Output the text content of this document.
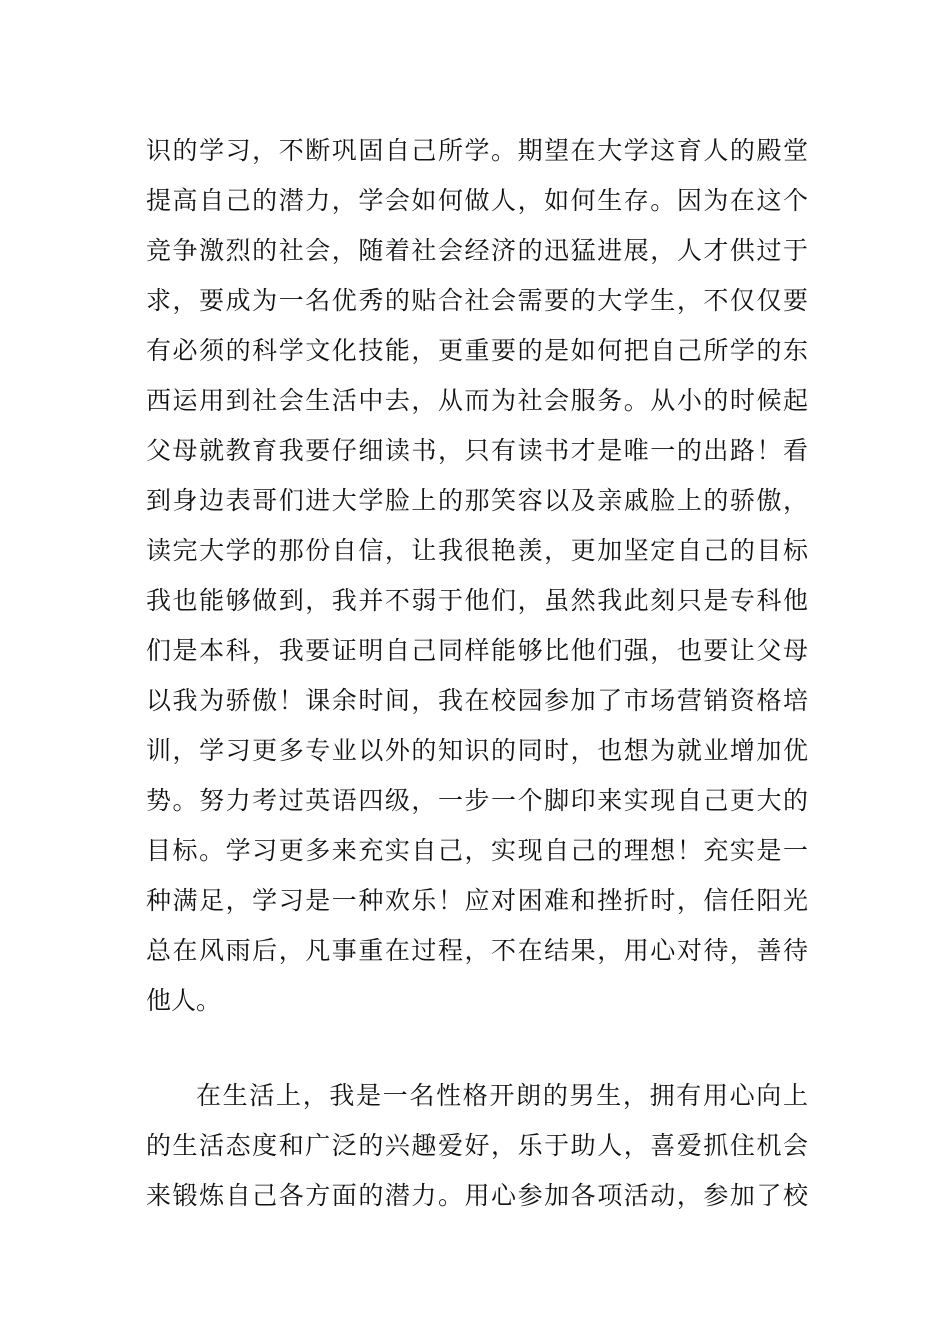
识的学习，不断巩固自己所学。期望在大学这育人的殿堂
提高自己的潜力，学会如何做人，如何生存。因为在这个
竞争激烈的社会，随着社会经济的迅猛进展，人才供过于
求，要成为一名优秀的贴合社会需要的大学生，不仅仅要
有必须的科学文化技能，更重要的是如何把自己所学的东
西运用到社会生活中去，从而为社会服务。从小的时候起
父母就教育我要仔细读书，只有读书才是唯一的出路！看
到身边表哥们进大学脸上的那笑容以及亲戚脸上的骄傲，
读完大学的那份自信，让我很艳羡，更加坚定自己的目标
我也能够做到，我并不弱于他们，虽然我此刻只是专科他
们是本科，我要证明自己同样能够比他们强，也要让父母
以我为骄傲！课余时间，我在校园参加了市场营销资格培
训，学习更多专业以外的知识的同时，也想为就业增加优
势。努力考过英语四级，一步一个脚印来实现自己更大的
目标。学习更多来充实自己，实现自己的理想！充实是一
种满足，学习是一种欢乐！应对困难和挫折时，信任阳光
总在风雨后，凡事重在过程，不在结果，用心对待，善待
他人。
在生活上，我是一名性格开朗的男生，拥有用心向上
的生活态度和广泛的兴趣爱好，乐于助人，喜爱抓住机会
来锻炼自己各方面的潜力。用心参加各项活动，参加了校
